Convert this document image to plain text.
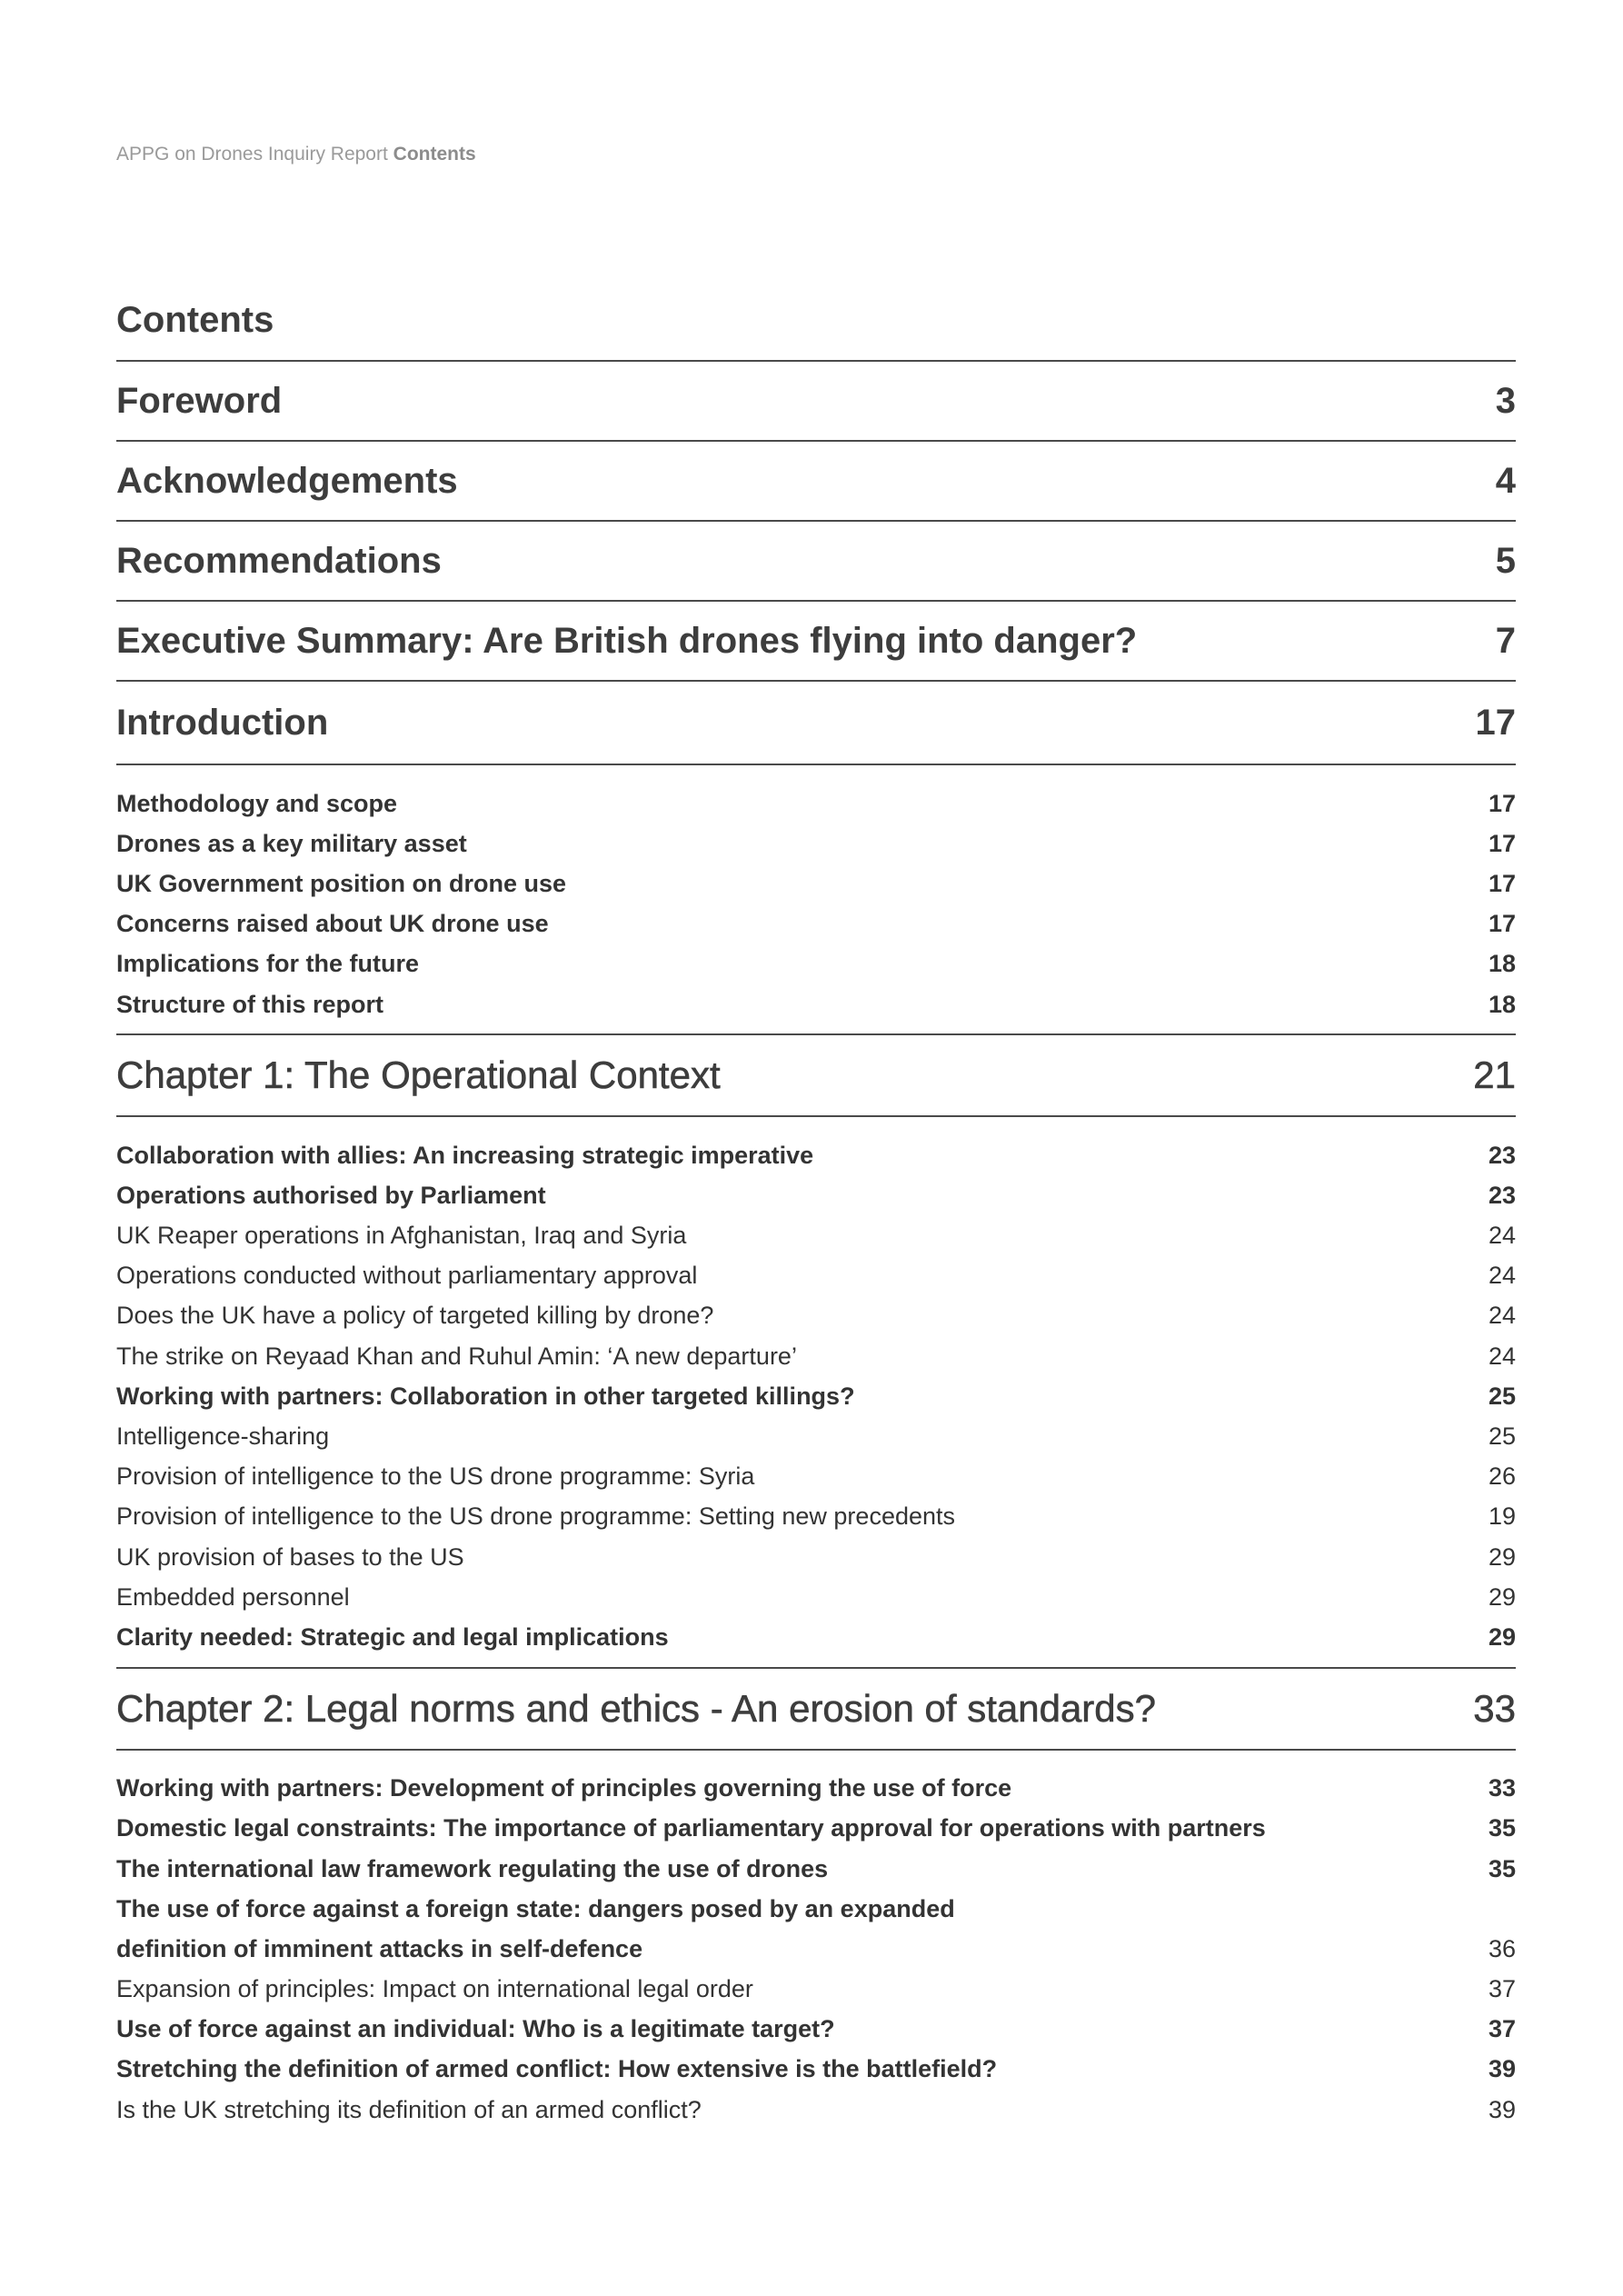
APPG on Drones Inquiry Report Contents
Contents
Foreword	3
Acknowledgements	4
Recommendations	5
Executive Summary: Are British drones flying into danger?	7
Introduction	17
Methodology and scope	17
Drones as a key military asset	17
UK Government position on drone use	17
Concerns raised about UK drone use	17
Implications for the future	18
Structure of this report	18
Chapter 1: The Operational Context	21
Collaboration with allies: An increasing strategic imperative	23
Operations authorised by Parliament	23
UK Reaper operations in Afghanistan, Iraq and Syria	24
Operations conducted without parliamentary approval	24
Does the UK have a policy of targeted killing by drone?	24
The strike on Reyaad Khan and Ruhul Amin: ‘A new departure’	24
Working with partners: Collaboration in other targeted killings?	25
Intelligence-sharing	25
Provision of intelligence to the US drone programme: Syria	26
Provision of intelligence to the US drone programme: Setting new precedents	19
UK provision of bases to the US	29
Embedded personnel	29
Clarity needed: Strategic and legal implications	29
Chapter 2: Legal norms and ethics - An erosion of standards?	33
Working with partners: Development of principles governing the use of force	33
Domestic legal constraints: The importance of parliamentary approval for operations with partners	35
The international law framework regulating the use of drones	35
The use of force against a foreign state: dangers posed by an expanded
definition of imminent attacks in self-defence	36
Expansion of principles: Impact on international legal order	37
Use of force against an individual: Who is a legitimate target?	37
Stretching the definition of armed conflict: How extensive is the battlefield?	39
Is the UK stretching its definition of an armed conflict?	39
